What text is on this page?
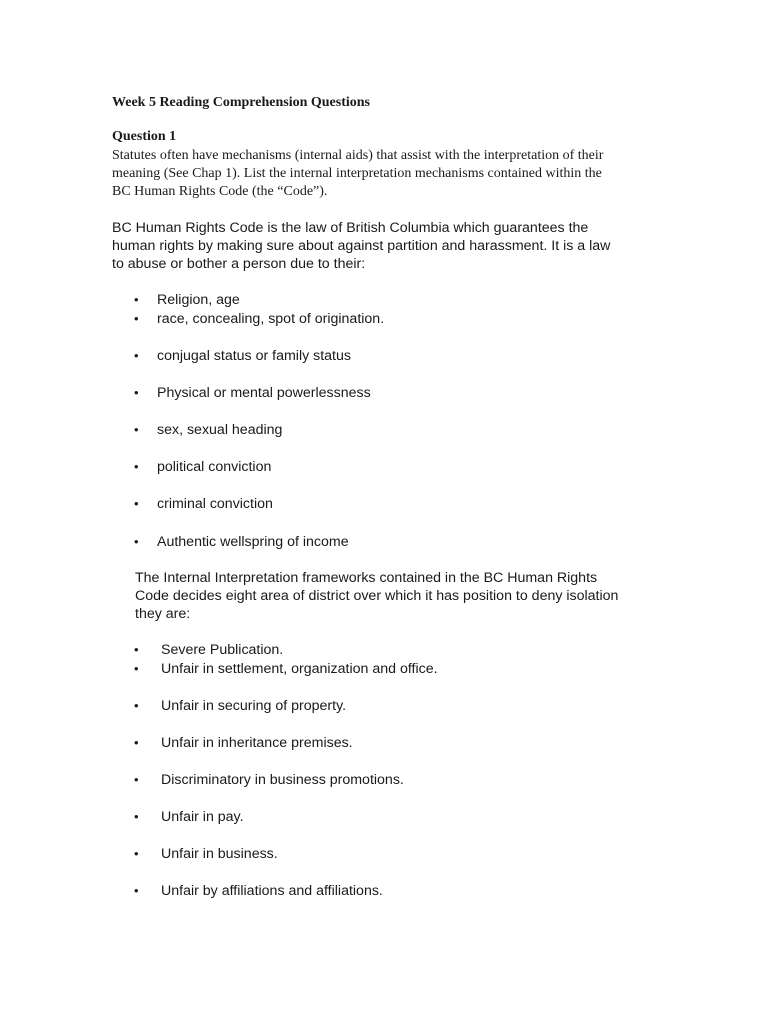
Week 5 Reading Comprehension Questions
Question 1
Statutes often have mechanisms (internal aids) that assist with the interpretation of their
meaning (See Chap 1). List the internal interpretation mechanisms contained within the
BC Human Rights Code (the “Code”).
BC Human Rights Code is the law of British Columbia which guarantees the
human rights by making sure about against partition and harassment. It is a law
to abuse or bother a person due to their:
• Religion, age
• race, concealing, spot of origination.
• conjugal status or family status
• Physical or mental powerlessness
• sex, sexual heading
• political conviction
• criminal conviction
• Authentic wellspring of income
The Internal Interpretation frameworks contained in the BC Human Rights
Code decides eight area of district over which it has position to deny isolation
they are:
• Severe Publication.
• Unfair in settlement, organization and office.
• Unfair in securing of property.
• Unfair in inheritance premises.
• Discriminatory in business promotions.
• Unfair in pay.
• Unfair in business.
• Unfair by affiliations and affiliations.
